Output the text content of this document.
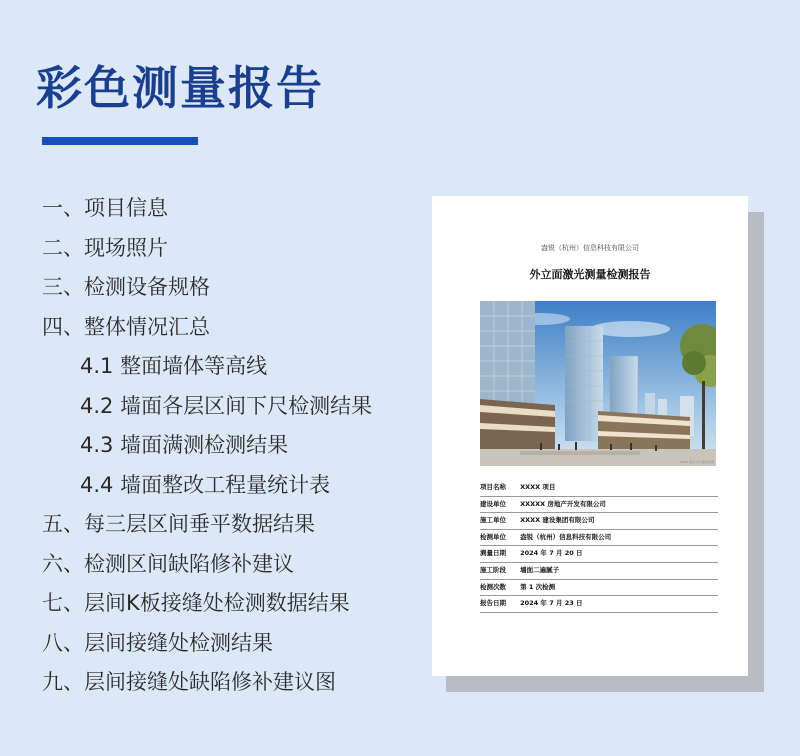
彩色测量报告
一、项目信息
二、现场照片
三、检测设备规格
四、整体情况汇总
4.1 整面墙体等高线
4.2 墙面各层区间下尺检测结果
4.3 墙面满测检测结果
4.4 墙面整改工程量统计表
五、每三层区间垂平数据结果
六、检测区间缺陷修补建议
七、层间K板接缝处检测数据结果
八、层间接缝处检测结果
九、层间接缝处缺陷修补建议图
盎锐（杭州）信息科技有限公司
外立面激光测量检测报告
XXXX 项目 外立面效果图
项目名称 XXXX 项目
建设单位 XXXXX 房地产开发有限公司
施工单位 XXXX 建设集团有限公司
检测单位 盎锐（杭州）信息科技有限公司
测量日期 2024 年 7 月 20 日
施工阶段 墙面二遍腻子
检测次数 第 1 次检测
报告日期 2024 年 7 月 23 日
